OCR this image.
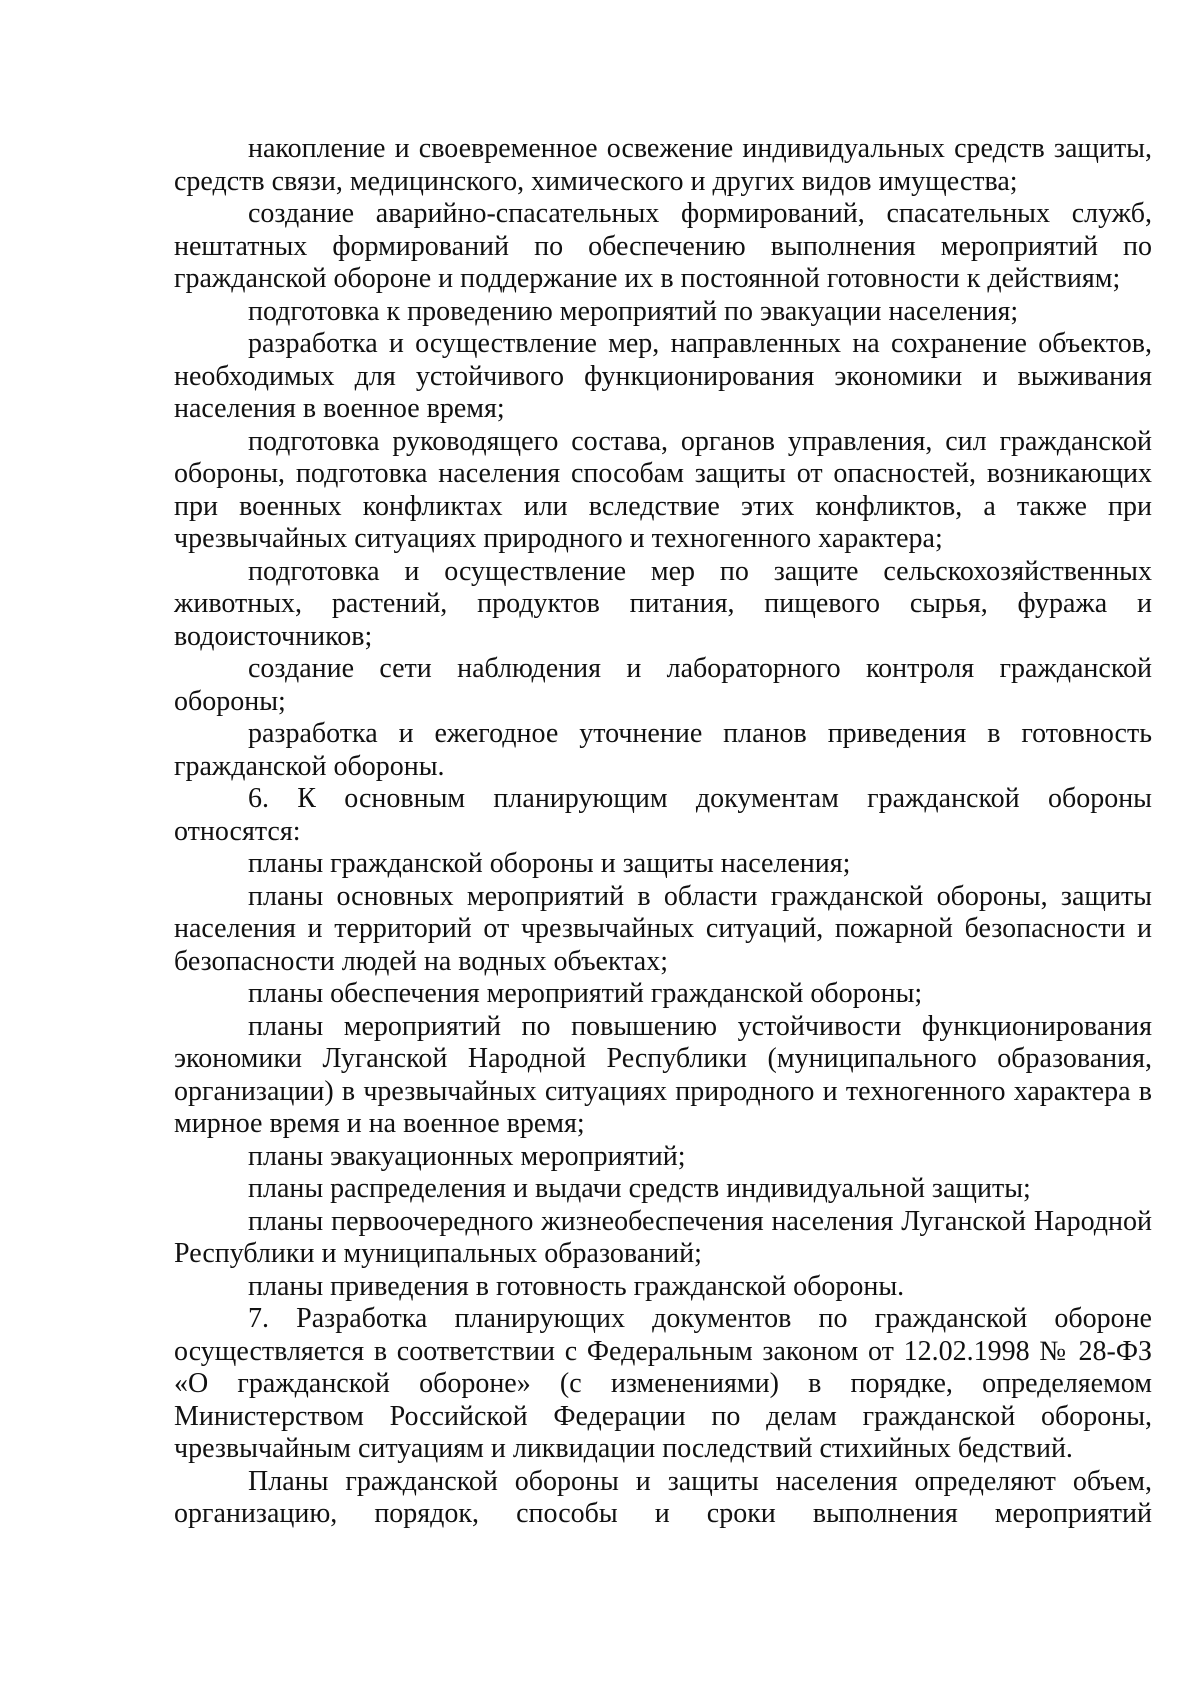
накопление и своевременное освежение индивидуальных средств защиты, средств связи, медицинского, химического и других видов имущества;

создание аварийно-спасательных формирований, спасательных служб, нештатных формирований по обеспечению выполнения мероприятий по гражданской обороне и поддержание их в постоянной готовности к действиям;

подготовка к проведению мероприятий по эвакуации населения;

разработка и осуществление мер, направленных на сохранение объектов, необходимых для устойчивого функционирования экономики и выживания населения в военное время;

подготовка руководящего состава, органов управления, сил гражданской обороны, подготовка населения способам защиты от опасностей, возникающих при военных конфликтах или вследствие этих конфликтов, а также при чрезвычайных ситуациях природного и техногенного характера;

подготовка и осуществление мер по защите сельскохозяйственных животных, растений, продуктов питания, пищевого сырья, фуража и водоисточников;

создание сети наблюдения и лабораторного контроля гражданской обороны;

разработка и ежегодное уточнение планов приведения в готовность гражданской обороны.

6. К основным планирующим документам гражданской обороны относятся:

планы гражданской обороны и защиты населения;

планы основных мероприятий в области гражданской обороны, защиты населения и территорий от чрезвычайных ситуаций, пожарной безопасности и безопасности людей на водных объектах;

планы обеспечения мероприятий гражданской обороны;

планы мероприятий по повышению устойчивости функционирования экономики Луганской Народной Республики (муниципального образования, организации) в чрезвычайных ситуациях природного и техногенного характера в мирное время и на военное время;

планы эвакуационных мероприятий;

планы распределения и выдачи средств индивидуальной защиты;

планы первоочередного жизнеобеспечения населения Луганской Народной Республики и муниципальных образований;

планы приведения в готовность гражданской обороны.

7. Разработка планирующих документов по гражданской обороне осуществляется в соответствии с Федеральным законом от 12.02.1998 № 28-ФЗ «О гражданской обороне» (с изменениями) в порядке, определяемом Министерством Российской Федерации по делам гражданской обороны, чрезвычайным ситуациям и ликвидации последствий стихийных бедствий.

Планы гражданской обороны и защиты населения определяют объем, организацию, порядок, способы и сроки выполнения мероприятий
